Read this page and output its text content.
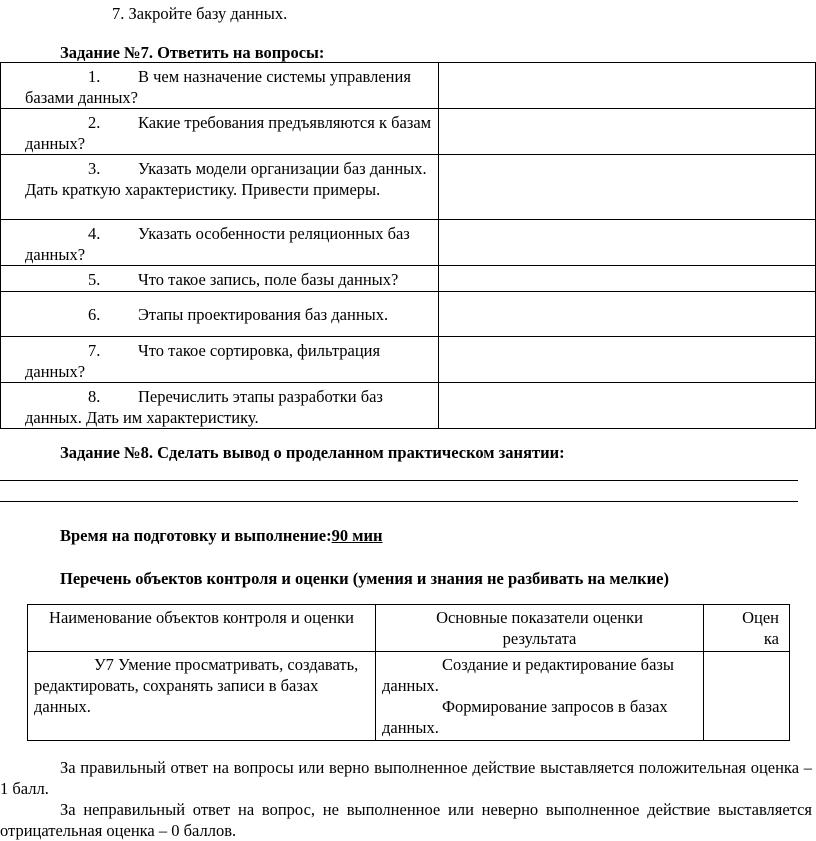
7. Закройте базу данных.
Задание №7. Ответить на вопросы:

1. В чем назначение системы управления базами данных?	

2. Какие требования предъявляются к базам данных?	

3. Указать модели организации баз данных. Дать краткую характеристику. Привести примеры.	

4. Указать особенности реляционных баз данных?	

5. Что такое запись, поле базы данных?	

6. Этапы проектирования баз данных.	

7. Что такое сортировка, фильтрация данных?	

8. Перечислить этапы разработки баз данных. Дать им характеристику.	

Задание №8. Сделать вывод о проделанном практическом занятии:
Время на подготовку и выполнение:90 мин
Перечень объектов контроля и оценки (умения и знания не разбивать на мелкие)
Наименование объектов контроля и оценки	Основные показатели оценки результата	Оценка
У7 Умение просматривать, создавать, редактировать, сохранять записи в базах данных.	Создание и редактирование базы данных.
Формирование запросов в базах данных.	

За правильный ответ на вопросы или верно выполненное действие выставляется положительная оценка – 1 балл.
За неправильный ответ на вопрос, не выполненное или неверно выполненное действие выставляется отрицательная оценка – 0 баллов.
